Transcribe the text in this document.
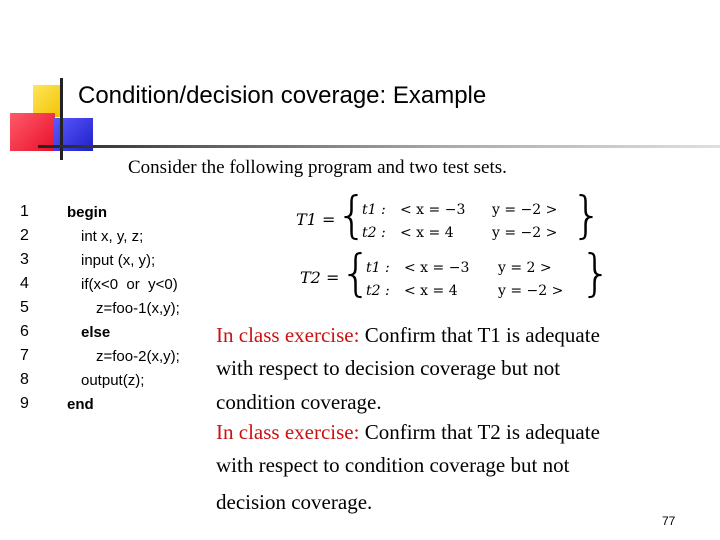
Condition/decision coverage: Example
Consider the following program and two test sets.
1	begin
2	int x, y, z;
3	input (x, y);
4	if(x<0  or  y<0)
5	z=foo-1(x,y);
6	else
7	z=foo-2(x,y);
8	output(z);
9	end
T1 = {
t1 : < x = −3 y = −2 >
t2 : < x = 4	y = −2 > }
T2 = {
t1 : < x = −3 y = 2 >
t2 : < x = 4	y = −2 > }
In class exercise: Confirm that T1 is adequate
with respect to decision coverage but not
condition coverage.
In class exercise: Confirm that T2 is adequate
with respect to condition coverage but not
decision coverage.
77
